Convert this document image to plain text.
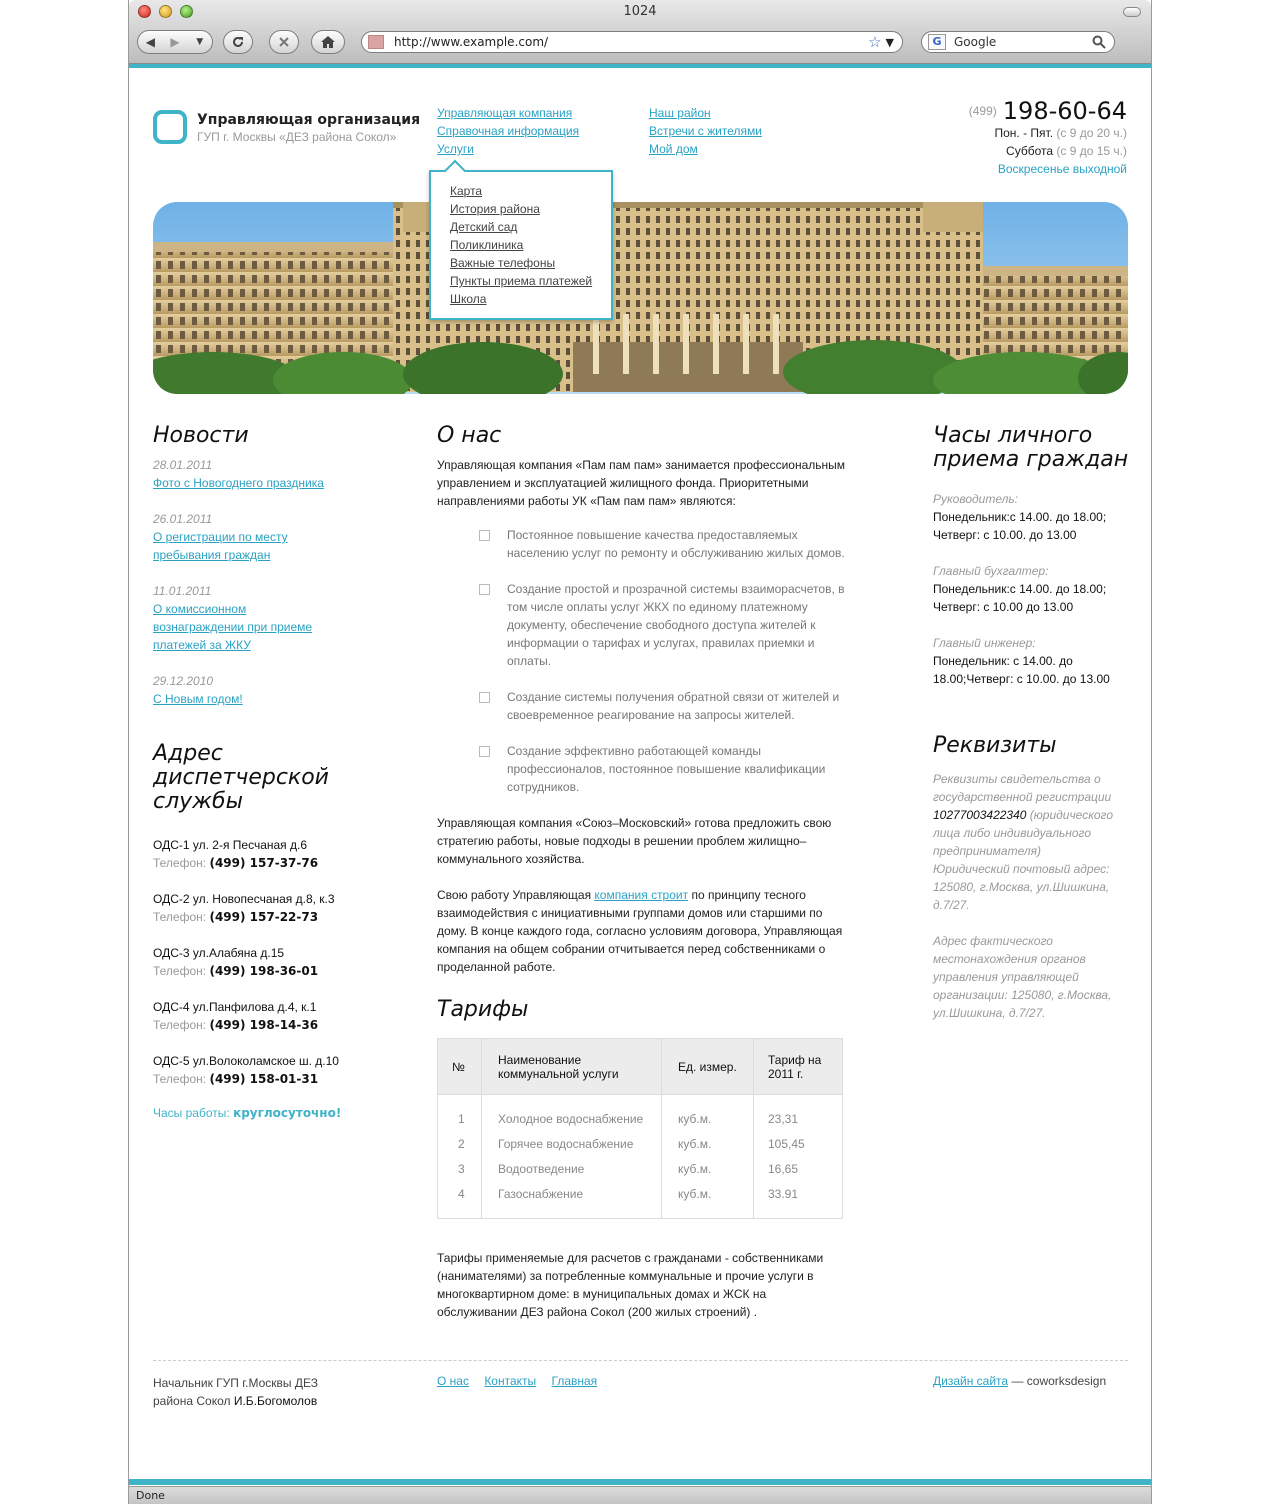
1024
◀	▶	▼	http://www.example.com/	☆ ▼	G	Google
Управляющая организация
ГУП г. Москвы «ДЕЗ района Сокол»
Управляющая компания
Справочная информация
Услуги
Наш район
Встречи с жителями
Мой дом
(499) 198-60-64
Пон. - Пят. (с 9 до 20 ч.)
Суббота (с 9 до 15 ч.)
Воскресенье выходной
Карта
История района
Детский сад
Поликлиника
Важные телефоны
Пункты приема платежей
Школа
Новости
28.01.2011
Фото с Новогоднего праздника
26.01.2011
О регистрации по месту пребывания граждан
11.01.2011
О комиссионном вознаграждении при приеме платежей за ЖКУ
29.12.2010
С Новым годом!
Адрес диспетчерской службы
ОДС-1 ул. 2-я Песчаная д.6
Телефон: (499) 157-37-76
ОДС-2 ул. Новопесчаная д.8, к.3
Телефон: (499) 157-22-73
ОДС-3 ул.Алабяна д.15
Телефон: (499) 198-36-01
ОДС-4 ул.Панфилова д.4, к.1
Телефон: (499) 198-14-36
ОДС-5 ул.Волоколамское ш. д.10
Телефон: (499) 158-01-31
Часы работы: круглосуточно!
О нас

Управляющая компания «Пам пам пам» занимается профессиональным управлением и эксплуатацией жилищного фонда. Приоритетными направлениями работы УК «Пам пам пам» являются:

Постоянное повышение качества предоставляемых населению услуг по ремонту и обслуживанию жилых домов.
Создание простой и прозрачной системы взаиморасчетов, в том числе оплаты услуг ЖКХ по единому платежному документу, обеспечение свободного доступа жителей к информации о тарифах и услугах, правилах приемки и оплаты.
Создание системы получения обратной связи от жителей и своевременное реагирование на запросы жителей.
Создание эффективно работающей команды профессионалов, постоянное повышение квалификации сотрудников.

Управляющая компания «Союз–Московский» готова предложить свою стратегию работы, новые подходы в решении проблем жилищно–коммунального хозяйства.

Свою работу Управляющая компания строит по принципу тесного взаимодействия с инициативными группами домов или старшими по дому. В конце каждого года, согласно условиям договора, Управляющая компания на общем собрании отчитывается перед собственниками о проделанной работе.

Тарифы
№	Наименование коммунальной услуги	Ед. измер.	Тариф на 2011 г.
1	Холодное водоснабжение	куб.м.	23,31
2	Горячее водоснабжение	куб.м.	105,45
3	Водоотведение	куб.м.	16,65
4	Газоснабжение	куб.м.	33.91

Тарифы применяемые для расчетов с гражданами - собственниками (нанимателями) за потребленные коммунальные и прочие услуги в многоквартирном доме: в муниципальных домах и ЖСК на обслуживании ДЕЗ района Сокол (200 жилых строений) .

Часы личного приема граждан
Руководитель:
Понедельник:с 14.00. до 18.00; Четверг: с 10.00. до 13.00
Главный бухгалтер:
Понедельник:с 14.00. до 18.00; Четверг: с 10.00 до 13.00
Главный инженер:
Понедельник: с 14.00. до 18.00;Четверг: с 10.00. до 13.00
Реквизиты
Реквизиты свидетельства о государственной регистрации 1027700342234​0 (юридического лица либо индивидуального предпринимателя)
Юридический почтовый адрес: 125080, г.Москва, ул.Шишкина, д.7/27.
Адрес фактического местонахождения органов управления управляющей организации: 125080, г.Москва, ул.Шишкина, д.7/27.
Начальник ГУП г.Москвы ДЕЗ района Сокол И.Б.Богомолов
О нас Контакты Главная	Дизайн сайта — coworksdesign
Done
